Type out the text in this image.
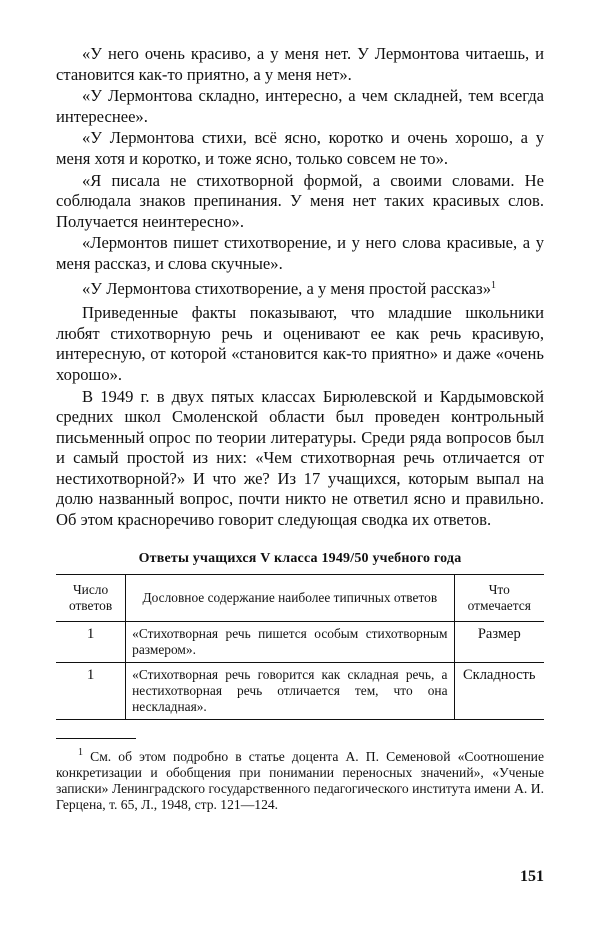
«У него очень красиво, а у меня нет. У Лермонтова читаешь, и становится как-то приятно, а у меня нет».

«У Лермонтова складно, интересно, а чем складней, тем всегда интереснее».

«У Лермонтова стихи, всё ясно, коротко и очень хорошо, а у меня хотя и коротко, и тоже ясно, только совсем не то».

«Я писала не стихотворной формой, а своими словами. Не соблюдала знаков препинания. У меня нет таких красивых слов. Получается неинтересно».

«Лермонтов пишет стихотворение, и у него слова красивые, а у меня рассказ, и слова скучные».

«У Лермонтова стихотворение, а у меня простой рассказ»$^1$

Приведенные факты показывают, что младшие школьники любят стихотворную речь и оценивают ее как речь красивую, интересную, от которой «становится как-то приятно» и даже «очень хорошо».

В 1949 г. в двух пятых классах Бирюлевской и Кардымовской средних школ Смоленской области был проведен контрольный письменный опрос по теории литературы. Среди ряда вопросов был и самый простой из них: «Чем стихотворная речь отличается от нестихотворной?» И что же? Из 17 учащихся, которым выпал на долю названный вопрос, почти никто не ответил ясно и правильно. Об этом красноречиво говорит следующая сводка их ответов.

Ответы учащихся V класса 1949/50 учебного года
Число ответов	Дословное содержание наиболее типичных ответов	Что отмечается
1	«Стихотворная речь пишется особым стихотворным размером».	Размер
1	«Стихотворная речь говорится как складная речь, а нестихотворная речь отличается тем, что она нескладная».	Складность

$^1$ См. об этом подробно в статье доцента А. П. Семеновой «Соотношение конкретизации и обобщения при понимании переносных значений», «Ученые записки» Ленинградского государственного педагогического института имени А. И. Герцена, т. 65, Л., 1948, стр. 121—124.

151
